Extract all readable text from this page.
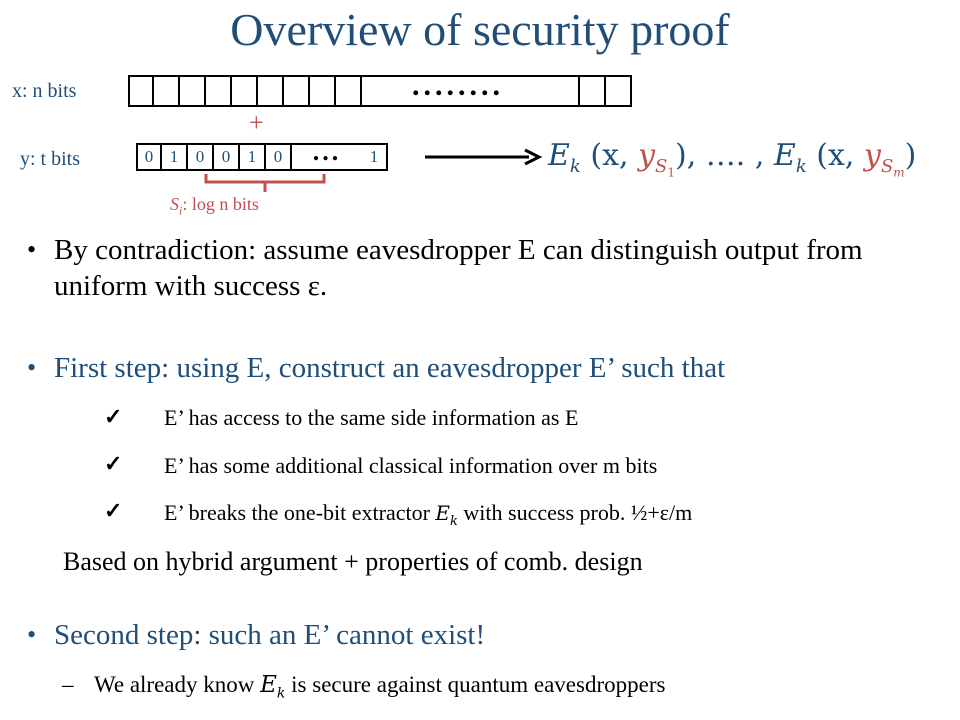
Overview of security proof
x: n bits	........
+
y: t bits	0 1	0	0	1	0	...	1
$S_i$: log n bits
$E_k$ (x, $y_{S_1}$), …. , $E_k$ (x, $y_{S_m}$)
• By contradiction: assume eavesdropper E can distinguish output from uniform with success ε.
• First step: using E, construct an eavesdropper E’ such that
✓ E’ has access to the same side information as E
✓ E’ has some additional classical information over m bits
✓ E’ breaks the one-bit extractor $E_k$ with success prob. ½+ε/m
Based on hybrid argument + properties of comb. design
• Second step: such an E’ cannot exist!
– We already know $E_k$ is secure against quantum eavesdroppers
